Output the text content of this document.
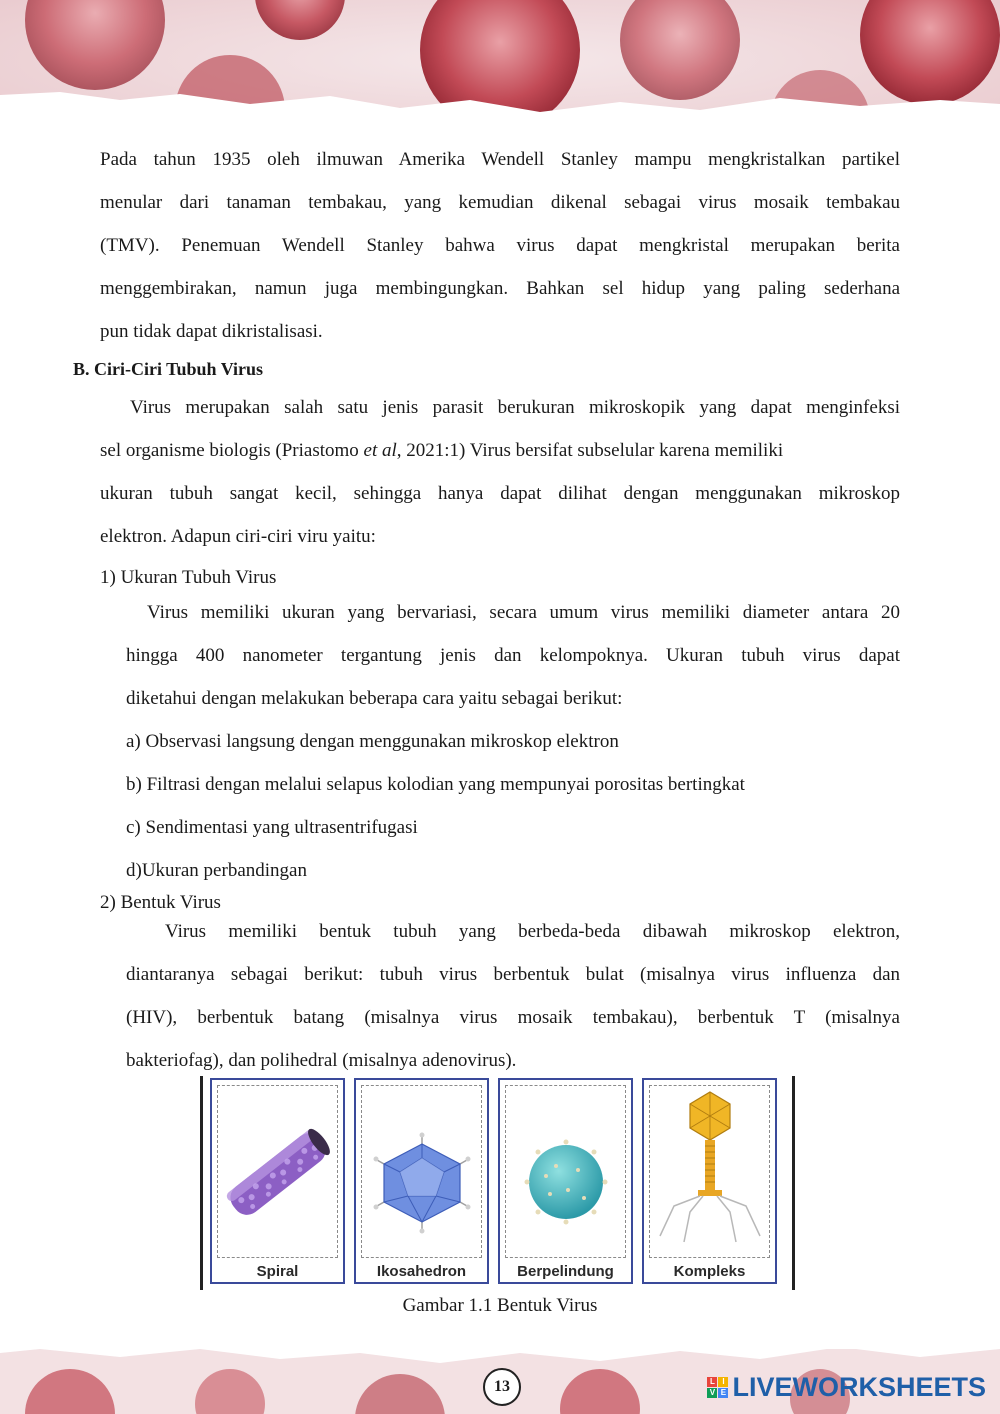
Pada tahun 1935 oleh ilmuwan Amerika Wendell Stanley mampu mengkristalkan partikel
menular dari tanaman tembakau, yang kemudian dikenal sebagai virus mosaik tembakau
(TMV). Penemuan Wendell Stanley bahwa virus dapat mengkristal merupakan berita
menggembirakan, namun juga membingungkan. Bahkan sel hidup yang paling sederhana
pun tidak dapat dikristalisasi.
B. Ciri-Ciri Tubuh Virus
Virus merupakan salah satu jenis parasit berukuran mikroskopik yang dapat menginfeksi
sel organisme biologis (Priastomo et al, 2021:1) Virus bersifat subselular karena memiliki
ukuran tubuh sangat kecil, sehingga hanya dapat dilihat dengan menggunakan mikroskop
elektron. Adapun ciri-ciri viru yaitu:
1) Ukuran Tubuh Virus
Virus memiliki ukuran yang bervariasi, secara umum virus memiliki diameter antara 20
hingga 400 nanometer tergantung jenis dan kelompoknya. Ukuran tubuh virus dapat
diketahui dengan melakukan beberapa cara yaitu sebagai berikut:
a) Observasi langsung dengan menggunakan mikroskop elektron
b) Filtrasi dengan melalui selapus kolodian yang mempunyai porositas bertingkat
c) Sendimentasi yang ultrasentrifugasi
d)Ukuran perbandingan
2) Bentuk Virus
Virus memiliki bentuk tubuh yang berbeda-beda dibawah mikroskop elektron,
diantaranya sebagai berikut: tubuh virus berbentuk bulat (misalnya virus influenza dan
(HIV), berbentuk batang (misalnya virus mosaik tembakau), berbentuk T (misalnya
bakteriofag), dan polihedral (misalnya adenovirus).
Spiral	Ikosahedron	Berpelindung	Kompleks
Gambar 1.1 Bentuk Virus

13	L I
V E LIVEWORKSHEETS
